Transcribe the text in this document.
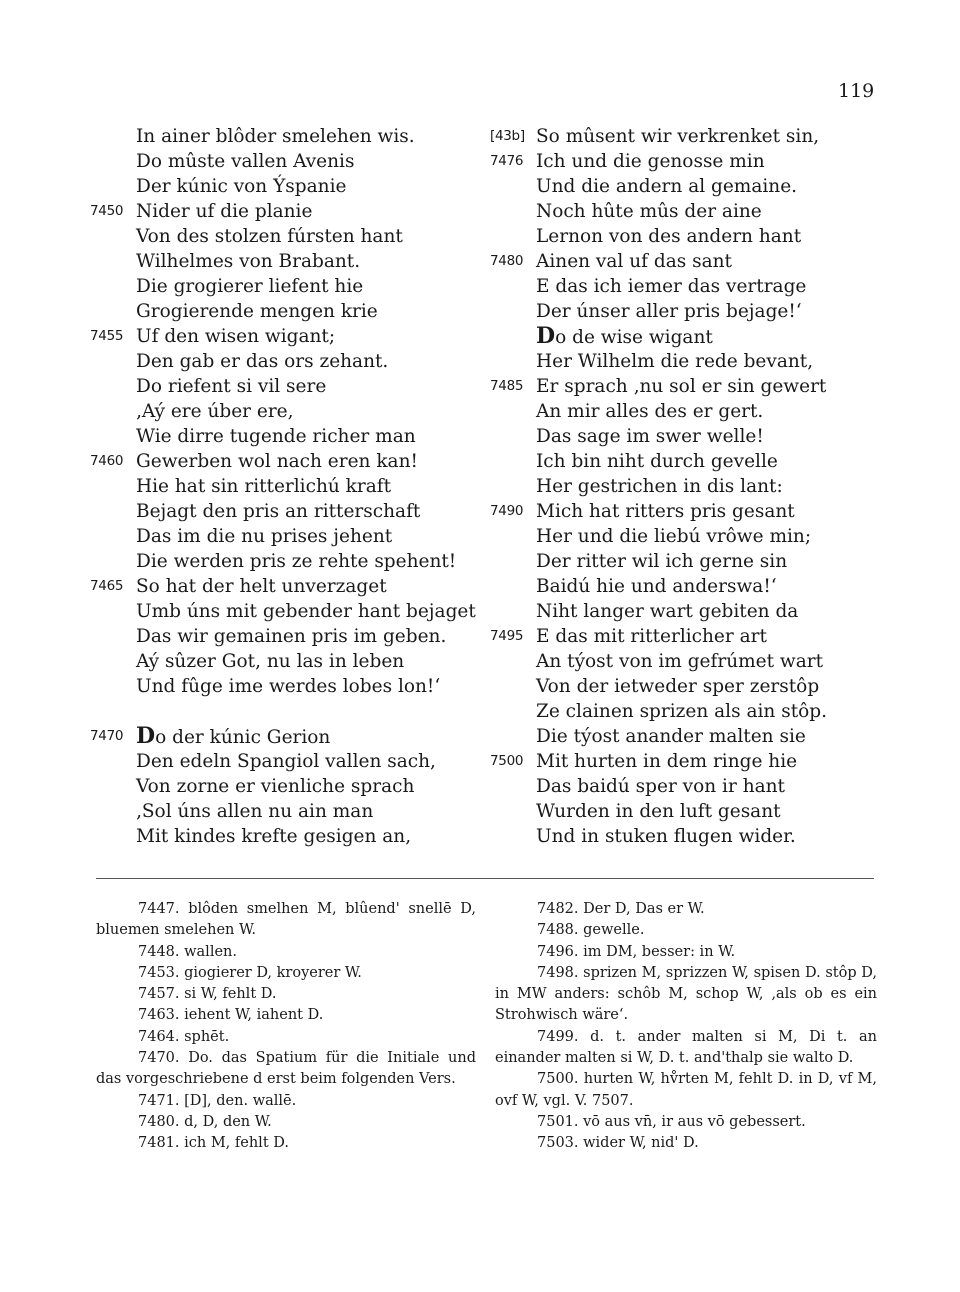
119
In ainer blôder smelehen wis.
Do mûste vallen Avenis
Der kúnic von Ýspanie
7450 Nider uf die planie
Von des stolzen fúrsten hant
Wilhelmes von Brabant.
Die grogierer liefent hie
Grogierende mengen krie
7455 Uf den wisen wigant;
Den gab er das ors zehant.
Do riefent si vil sere
‚Aý ere úber ere,
Wie dirre tugende richer man
7460 Gewerben wol nach eren kan!
Hie hat sin ritterlichú kraft
Bejagt den pris an ritterschaft
Das im die nu prises jehent
Die werden pris ze rehte spehent!
7465 So hat der helt unverzaget
Umb úns mit gebender hant bejaget
Das wir gemainen pris im geben.
Aý sûzer Got, nu las in leben
Und fûge ime werdes lobes lon!‘
7470 Do der kúnic Gerion
Den edeln Spangiol vallen sach,
Von zorne er vienliche sprach
‚Sol úns allen nu ain man
Mit kindes krefte gesigen an,
[43b] So mûsent wir verkrenket sin,
7476 Ich und die genosse min
Und die andern al gemaine.
Noch hûte mûs der aine
Lernon von des andern hant
7480 Ainen val uf das sant
E das ich iemer das vertrage
Der únser aller pris bejage!‘
Do de wise wigant
Her Wilhelm die rede bevant,
7485 Er sprach ‚nu sol er sin gewert
An mir alles des er gert.
Das sage im swer welle!
Ich bin niht durch gevelle
Her gestrichen in dis lant:
7490 Mich hat ritters pris gesant
Her und die liebú vrôwe min;
Der ritter wil ich gerne sin
Baidú hie und anderswa!‘
Niht langer wart gebiten da
7495 E das mit ritterlicher art
An týost von im gefrúmet wart
Von der ietweder sper zerstôp
Ze clainen sprizen als ain stôp.
Die týost anander malten sie
7500 Mit hurten in dem ringe hie
Das baidú sper von ir hant
Wurden in den luft gesant
Und in stuken flugen wider.
7447. blôden smelhen M, blûend' snellē D, bluemen smelehen W.
7448. wallen.
7453. giogierer D, kroyerer W.
7457. si W, fehlt D.
7463. iehent W, iahent D.
7464. sphēt.
7470. Do. das Spatium für die Initiale und das vorgeschriebene d erst beim folgenden Vers.
7471. [D], den. wallē.
7480. d, D, den W.
7481. ich M, fehlt D.
7482. Der D, Das er W.
7488. gewelle.
7496. im DM, besser: in W.
7498. sprizen M, sprizzen W, spisen D. stôp D, in MW anders: schôb M, schop W, ‚als ob es ein Strohwisch wäre‘.
7499. d. t. ander malten si M, Di t. an einander malten si W, D. t. and'thalp sie walto D.
7500. hurten W, hv̊rten M, fehlt D. in D, vf M, ovf W, vgl. V. 7507.
7501. vō aus vn̄, ir aus vō gebessert.
7503. wider W, nid' D.
